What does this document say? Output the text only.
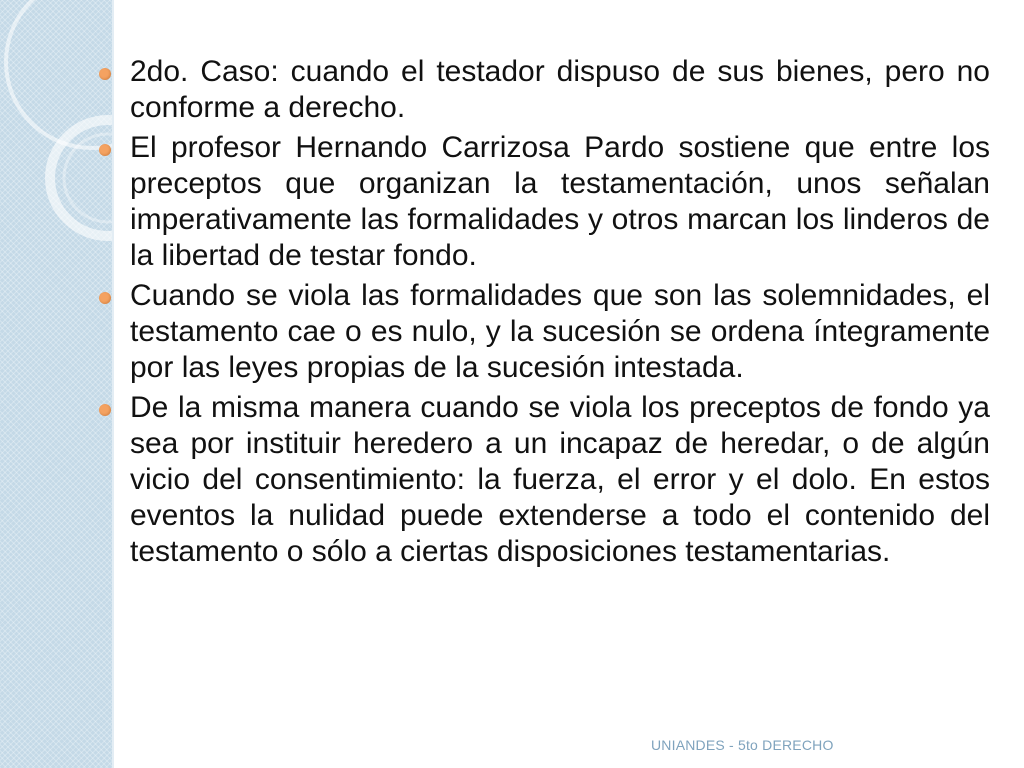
2do. Caso: cuando el testador dispuso de sus bienes, pero no conforme a derecho.
El profesor Hernando Carrizosa Pardo sostiene que entre los preceptos que organizan la testamentación, unos señalan imperativamente las formalidades y otros marcan los linderos de la libertad de testar fondo.
Cuando se viola las formalidades que son las solemnidades, el testamento cae o es nulo, y la sucesión se ordena íntegramente por las leyes propias de la sucesión intestada.
De la misma manera cuando se viola los preceptos de fondo ya sea por instituir heredero a un incapaz de heredar, o de algún vicio del consentimiento: la fuerza, el error y el dolo. En estos eventos la nulidad puede extenderse a todo el contenido del testamento o sólo a ciertas disposiciones testamentarias.
UNIANDES - 5to DERECHO
